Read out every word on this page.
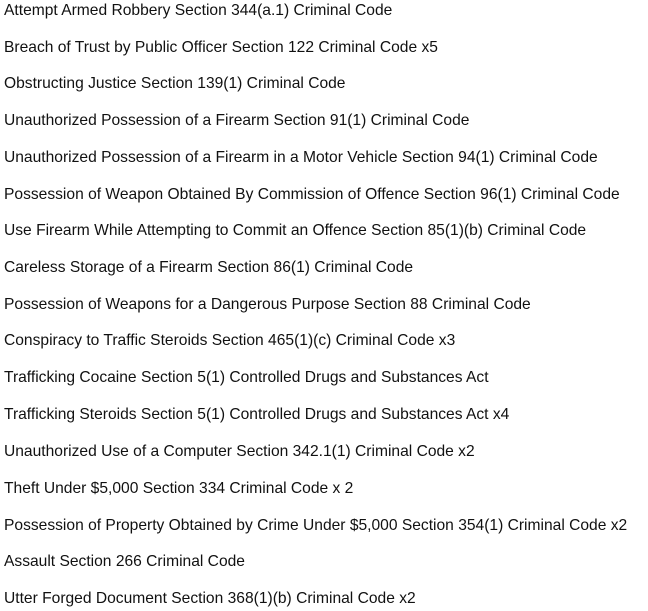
Attempt Armed Robbery Section 344(a.1) Criminal Code
Breach of Trust by Public Officer Section 122 Criminal Code x5
Obstructing Justice Section 139(1) Criminal Code
Unauthorized Possession of a Firearm Section 91(1) Criminal Code
Unauthorized Possession of a Firearm in a Motor Vehicle Section 94(1) Criminal Code
Possession of Weapon Obtained By Commission of Offence Section 96(1) Criminal Code
Use Firearm While Attempting to Commit an Offence Section 85(1)(b) Criminal Code
Careless Storage of a Firearm Section 86(1) Criminal Code
Possession of Weapons for a Dangerous Purpose Section 88 Criminal Code
Conspiracy to Traffic Steroids Section 465(1)(c) Criminal Code x3
Trafficking Cocaine Section 5(1) Controlled Drugs and Substances Act
Trafficking Steroids Section 5(1) Controlled Drugs and Substances Act x4
Unauthorized Use of a Computer Section 342.1(1) Criminal Code x2
Theft Under $5,000 Section 334 Criminal Code x 2
Possession of Property Obtained by Crime Under $5,000 Section 354(1) Criminal Code x2
Assault Section 266 Criminal Code
Utter Forged Document Section 368(1)(b) Criminal Code x2
